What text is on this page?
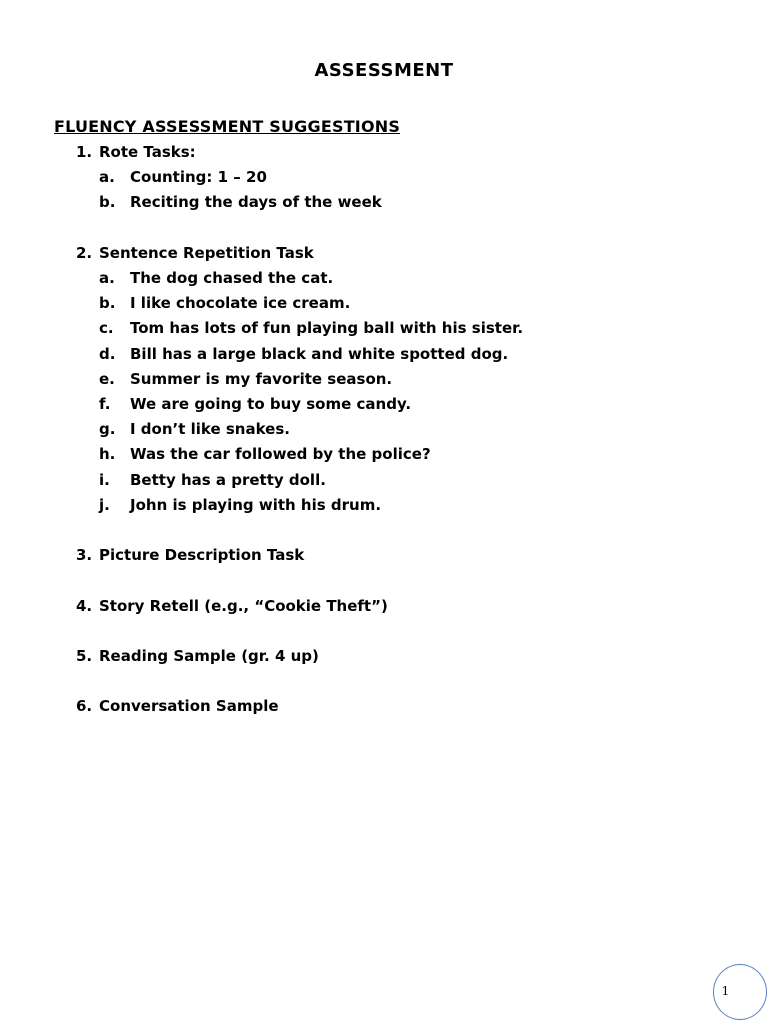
ASSESSMENT
FLUENCY ASSESSMENT SUGGESTIONS
1. Rote Tasks:
a.	Counting: 1 – 20
b. Reciting the days of the week
2. Sentence Repetition Task
a.	The dog chased the cat.
b. I like chocolate ice cream.
c.	Tom has lots of fun playing ball with his sister.
d. Bill has a large black and white spotted dog.
e.	Summer is my favorite season.
f.	We are going to buy some candy.
g. I don’t like snakes.
h. Was the car followed by the police?
i.	Betty has a pretty doll.
j.	John is playing with his drum.
3. Picture Description Task
4. Story Retell (e.g., “Cookie Theft”)
5. Reading Sample (gr. 4 up)
6. Conversation Sample
1
